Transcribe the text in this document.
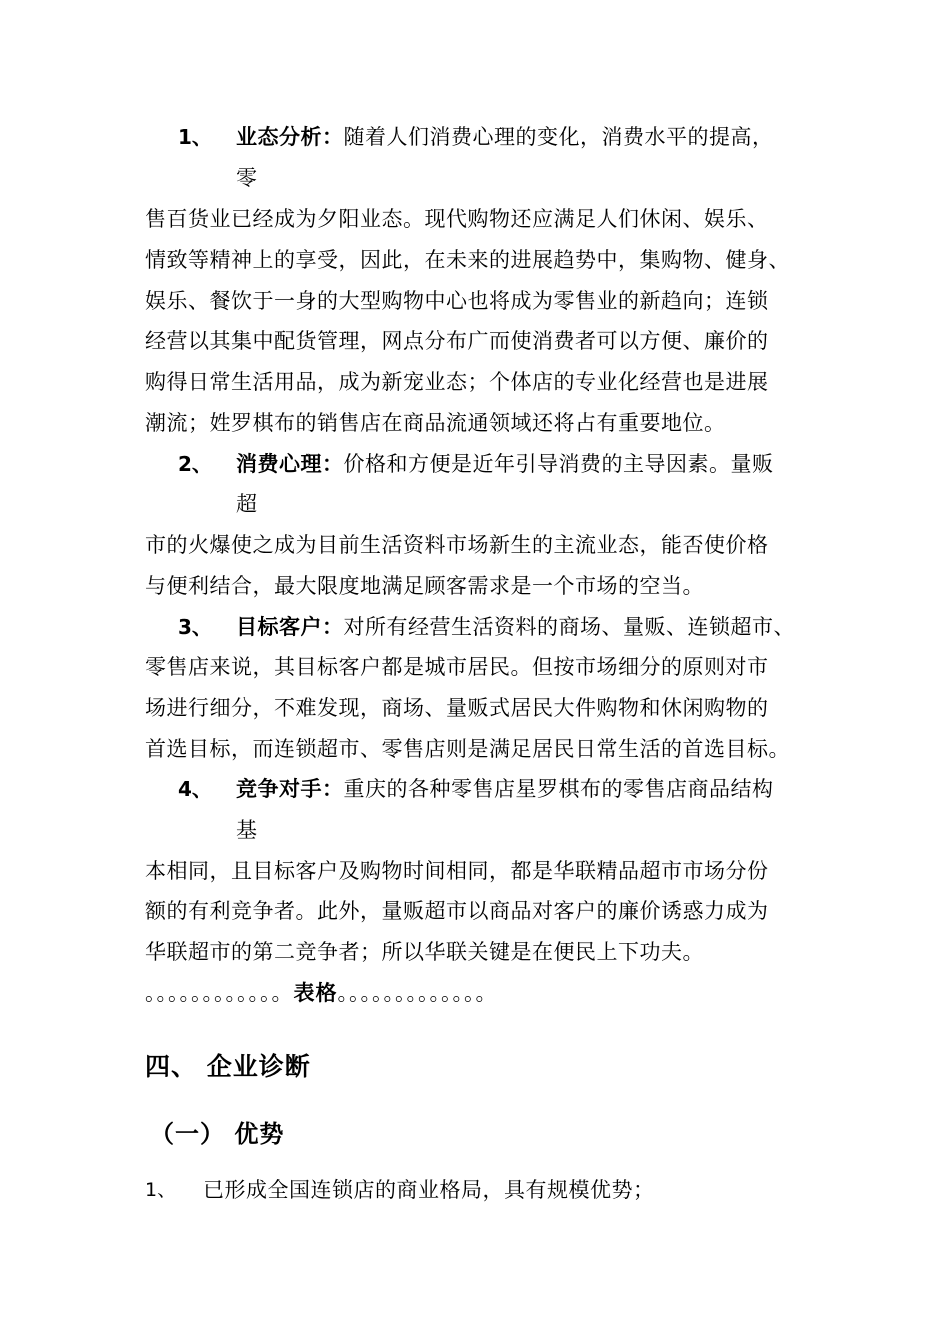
1、 业态分析：随着人们消费心理的变化，消费水平的提高，
零
售百货业已经成为夕阳业态。现代购物还应满足人们休闲、娱乐、
情致等精神上的享受，因此，在未来的进展趋势中，集购物、健身、
娱乐、餐饮于一身的大型购物中心也将成为零售业的新趋向；连锁
经营以其集中配货管理，网点分布广而使消费者可以方便、廉价的
购得日常生活用品，成为新宠业态；个体店的专业化经营也是进展
潮流；姓罗棋布的销售店在商品流通领域还将占有重要地位。
2、 消费心理：价格和方便是近年引导消费的主导因素。量贩
超
市的火爆使之成为目前生活资料市场新生的主流业态，能否使价格
与便利结合，最大限度地满足顾客需求是一个市场的空当。
3、 目标客户：对所有经营生活资料的商场、量贩、连锁超市、
零售店来说，其目标客户都是城市居民。但按市场细分的原则对市
场进行细分，不难发现，商场、量贩式居民大件购物和休闲购物的
首选目标，而连锁超市、零售店则是满足居民日常生活的首选目标。
4、 竞争对手：重庆的各种零售店星罗棋布的零售店商品结构
基
本相同，且目标客户及购物时间相同，都是华联精品超市市场分份
额的有利竞争者。此外，量贩超市以商品对客户的廉价诱惑力成为
华联超市的第二竞争者；所以华联关键是在便民上下功夫。
。。。。。。。。。。。。表格。。。。。。。。。。。。。
四、 企业诊断
（一） 优势
1、 已形成全国连锁店的商业格局，具有规模优势；
